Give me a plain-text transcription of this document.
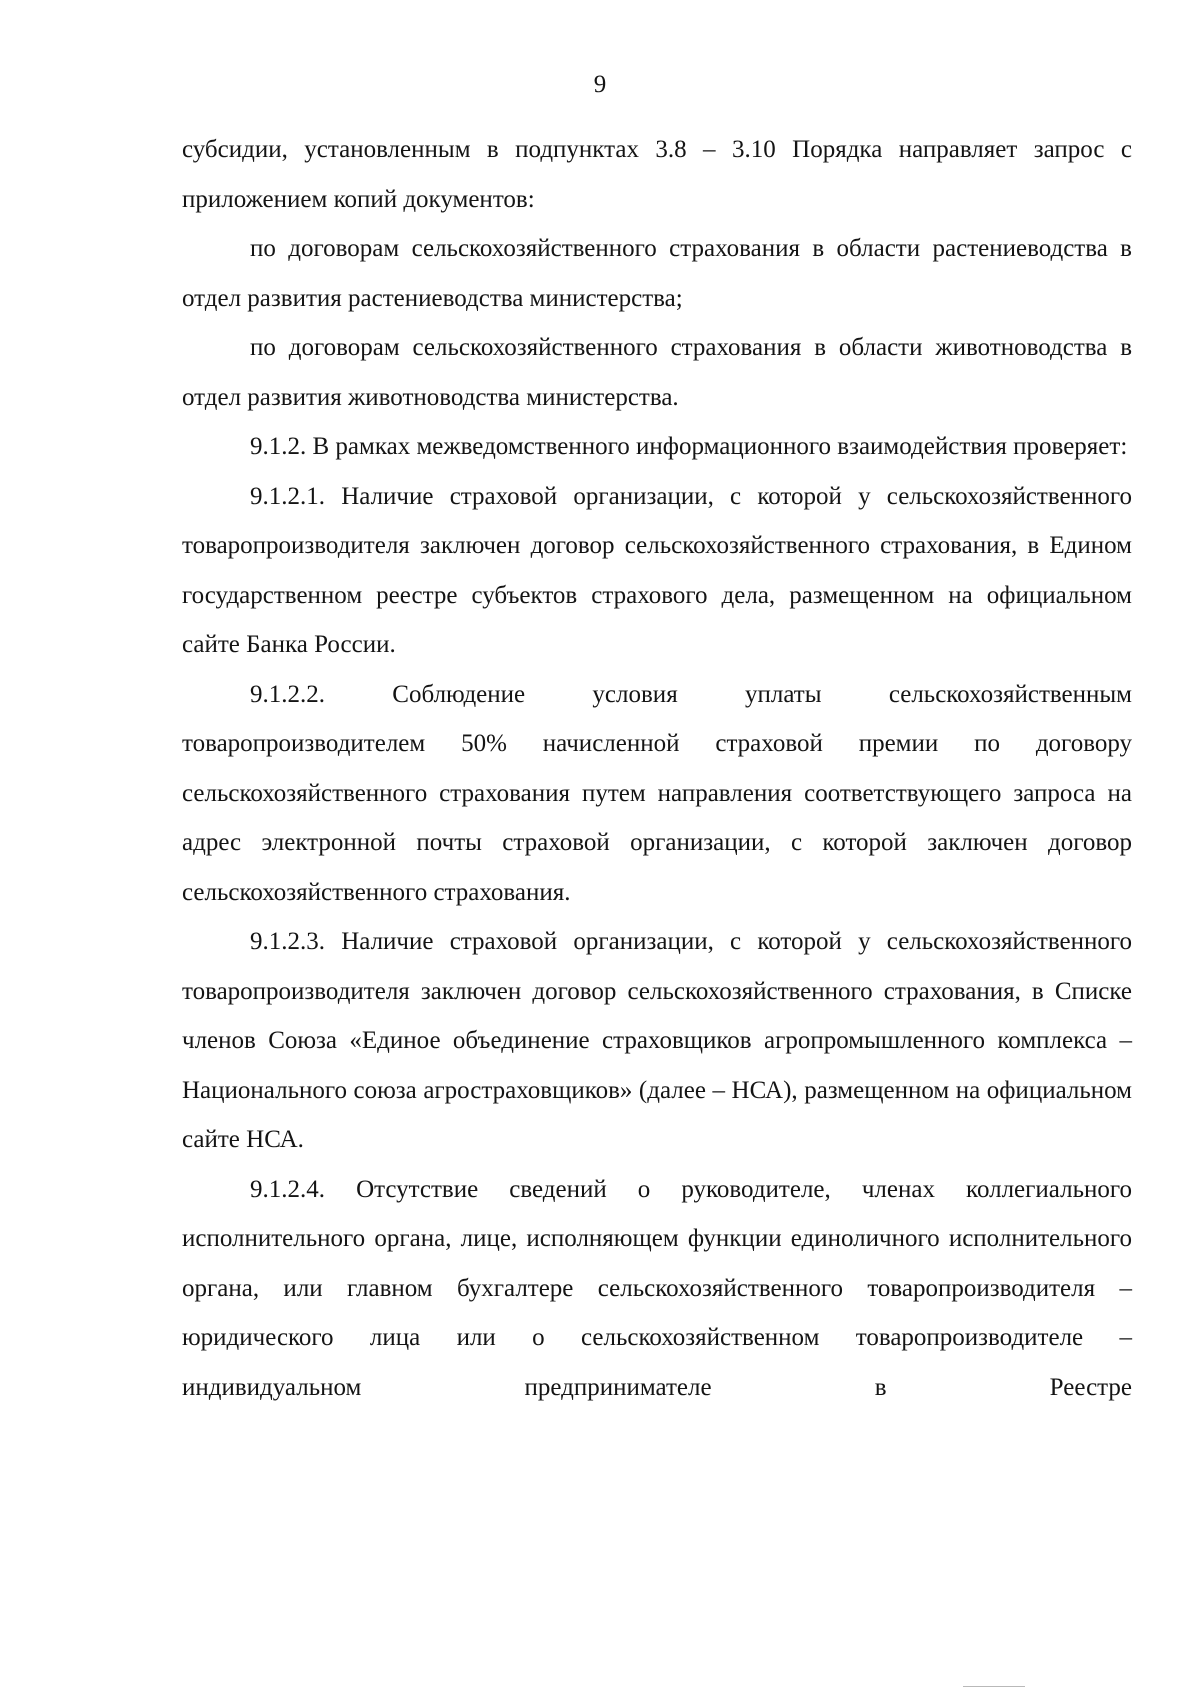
9

субсидии, установленным в подпунктах 3.8 – 3.10 Порядка направляет запрос с приложением копий документов:

по договорам сельскохозяйственного страхования в области растениеводства в отдел развития растениеводства министерства;

по договорам сельскохозяйственного страхования в области животноводства в отдел развития животноводства министерства.

9.1.2. В рамках межведомственного информационного взаимодействия проверяет:

9.1.2.1. Наличие страховой организации, с которой у сельскохозяйственного товаропроизводителя заключен договор сельскохозяйственного страхования, в Едином государственном реестре субъектов страхового дела, размещенном на официальном сайте Банка России.

9.1.2.2. Соблюдение условия уплаты сельскохозяйственным товаропроизводителем 50% начисленной страховой премии по договору сельскохозяйственного страхования путем направления соответствующего запроса на адрес электронной почты страховой организации, с которой заключен договор сельскохозяйственного страхования.

9.1.2.3. Наличие страховой организации, с которой у сельскохозяйственного товаропроизводителя заключен договор сельскохозяйственного страхования, в Списке членов Союза «Единое объединение страховщиков агропромышленного комплекса – Национального союза агростраховщиков» (далее – НСА), размещенном на официальном сайте НСА.

9.1.2.4. Отсутствие сведений о руководителе, членах коллегиального исполнительного органа, лице, исполняющем функции единоличного исполнительного органа, или главном бухгалтере сельскохозяйственного товаропроизводителя – юридического лица или о сельскохозяйственном товаропроизводителе – индивидуальном предпринимателе в Реестре
